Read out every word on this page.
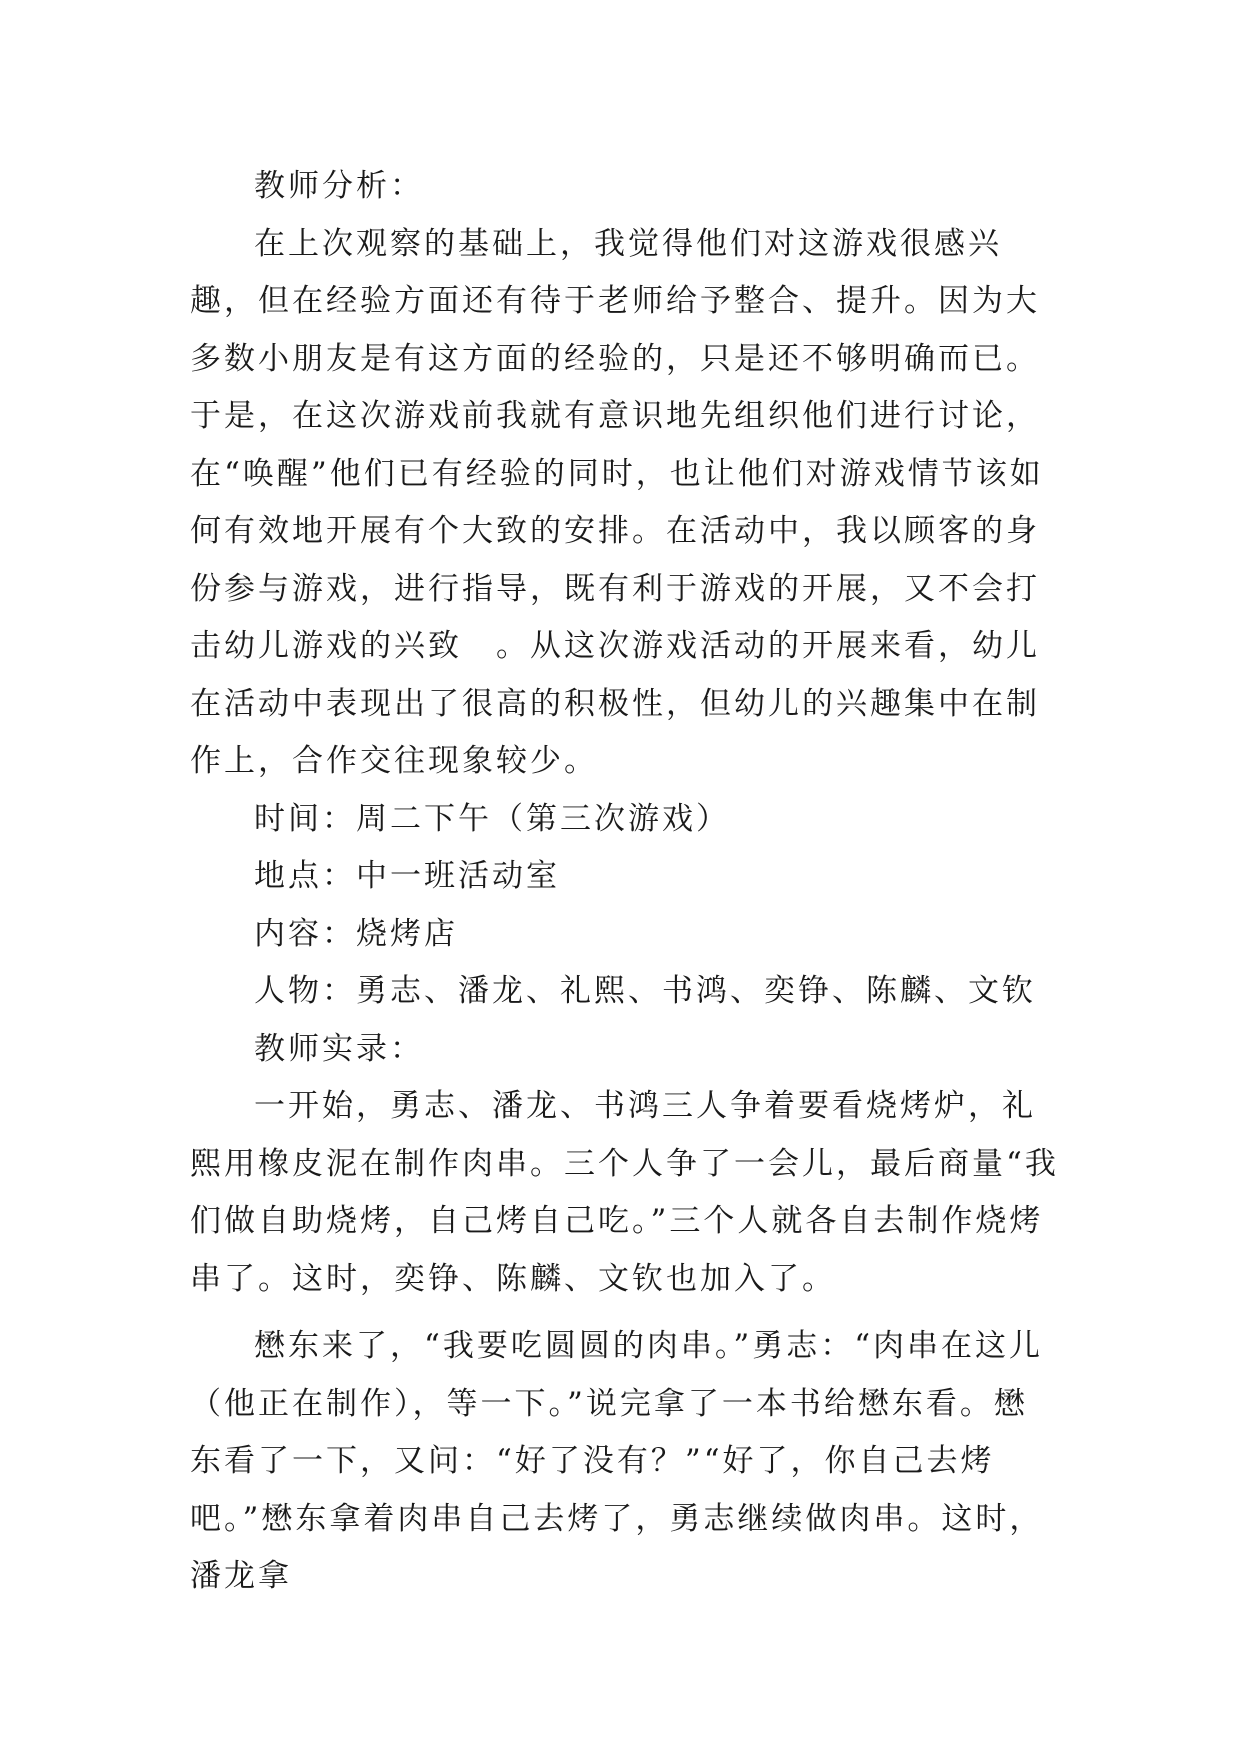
教师分析：

在上次观察的基础上，我觉得他们对这游戏很感兴趣，但在经验方面还有待于老师给予整合、提升。因为大多数小朋友是有这方面的经验的，只是还不够明确而已。于是，在这次游戏前我就有意识地先组织他们进行讨论，在“唤醒”他们已有经验的同时，也让他们对游戏情节该如何有效地开展有个大致的安排。在活动中，我以顾客的身份参与游戏，进行指导，既有利于游戏的开展，又不会打击幼儿游戏的兴致　。从这次游戏活动的开展来看，幼儿在活动中表现出了很高的积极性，但幼儿的兴趣集中在制作上，合作交往现象较少。

时间：周二下午（第三次游戏）

地点：中一班活动室

内容：烧烤店

人物：勇志、潘龙、礼熙、书鸿、奕铮、陈麟、文钦

教师实录：

一开始，勇志、潘龙、书鸿三人争着要看烧烤炉，礼熙用橡皮泥在制作肉串。三个人争了一会儿，最后商量“我们做自助烧烤，自己烤自己吃。”三个人就各自去制作烧烤串了。这时，奕铮、陈麟、文钦也加入了。

懋东来了，“我要吃圆圆的肉串。”勇志：“肉串在这儿（他正在制作），等一下。”说完拿了一本书给懋东看。懋东看了一下，又问：“好了没有？”“好了，你自己去烤吧。”懋东拿着肉串自己去烤了，勇志继续做肉串。这时，潘龙拿
